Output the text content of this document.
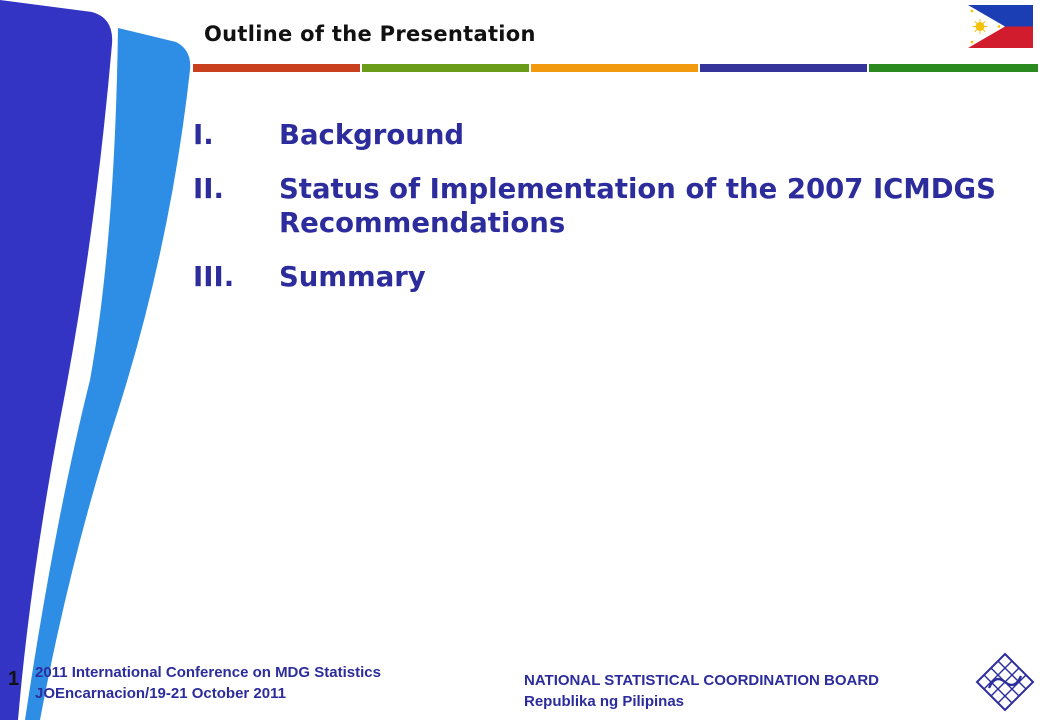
Outline of the Presentation
I.	Background
II.	Status of Implementation of the 2007 ICMDGS Recommendations
III.	Summary
1 2011 International Conference on MDG Statistics
JOEncarnacion/19-21 October 2011
NATIONAL STATISTICAL COORDINATION BOARD
Republika ng Pilipinas
